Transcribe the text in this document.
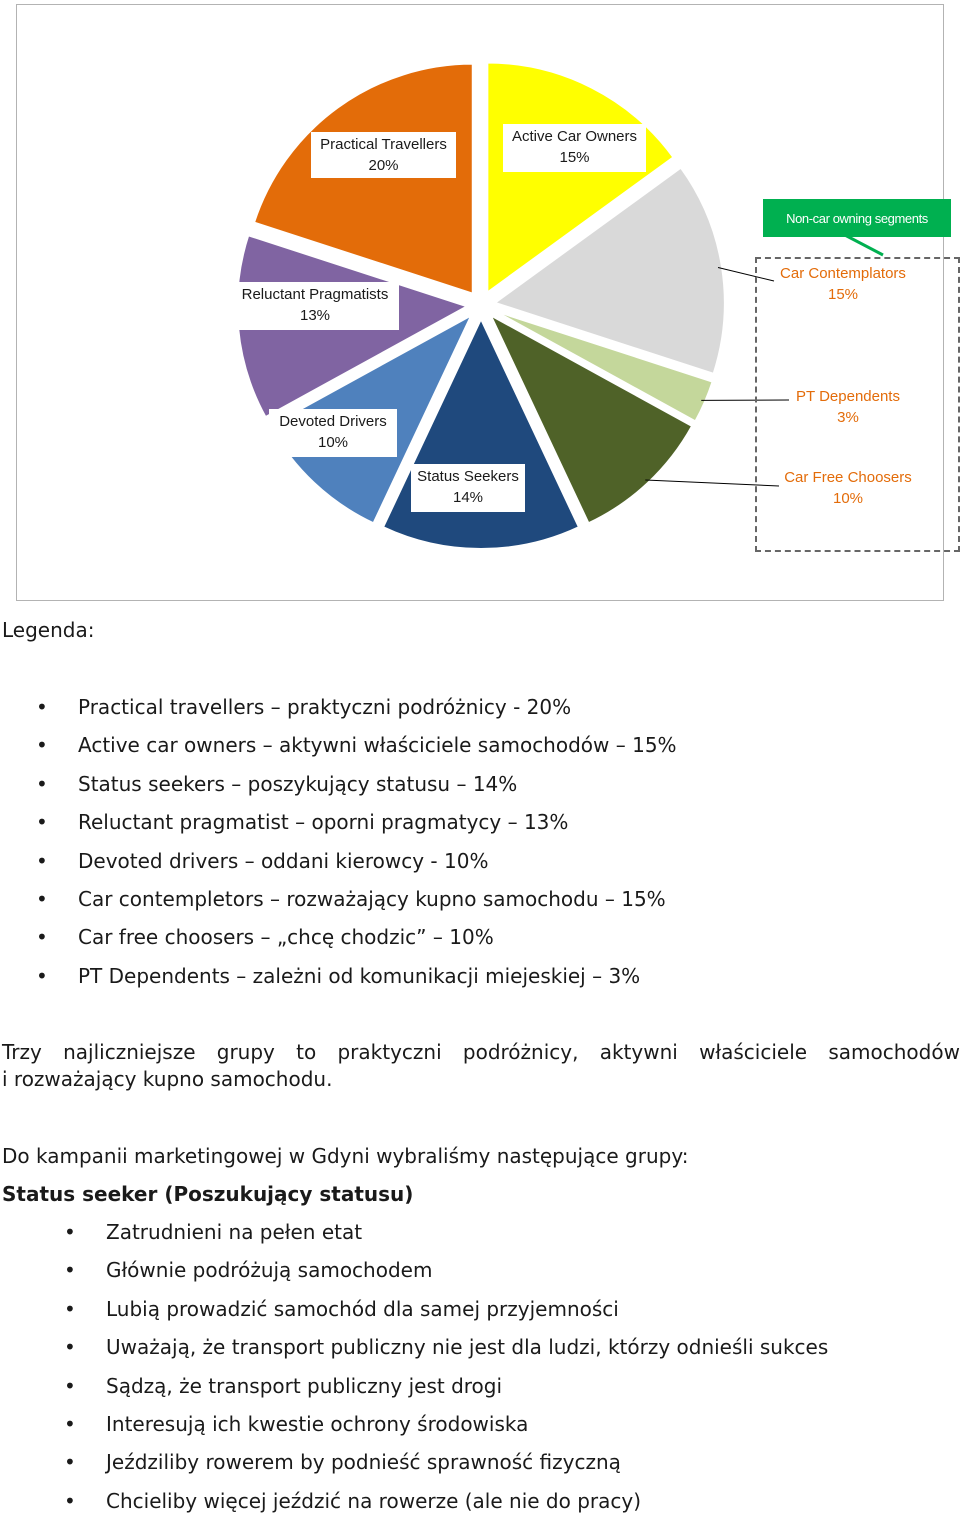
Non-car owning segments
Practical Travellers
20%
Active Car Owners
15%
Reluctant Pragmatists
13%
Devoted Drivers
10%
Status Seekers
14%
Car Contemplators
15%
PT Dependents
3%
Car Free Choosers
10%
Legenda:
• Practical travellers – praktyczni podróżnicy - 20%
• Active car owners – aktywni właściciele samochodów – 15%
• Status seekers – poszykujący statusu – 14%
• Reluctant pragmatist – oporni pragmatycy – 13%
• Devoted drivers – oddani kierowcy - 10%
• Car contempletors – rozważający kupno samochodu – 15%
• Car free choosers – „chcę chodzic” – 10%
• PT Dependents – zależni od komunikacji miejeskiej – 3%
Trzy najliczniejsze grupy to praktyczni podróżnicy, aktywni właściciele samochodów
i rozważający kupno samochodu.
Do kampanii marketingowej w Gdyni wybraliśmy następujące grupy:
Status seeker (Poszukujący statusu)
• Zatrudnieni na pełen etat
• Głównie podróżują samochodem
• Lubią prowadzić samochód dla samej przyjemności
• Uważają, że transport publiczny nie jest dla ludzi, którzy odnieśli sukces
• Sądzą, że transport publiczny jest drogi
• Interesują ich kwestie ochrony środowiska
• Jeździliby rowerem by podnieść sprawność fizyczną
• Chcieliby więcej jeździć na rowerze (ale nie do pracy)
